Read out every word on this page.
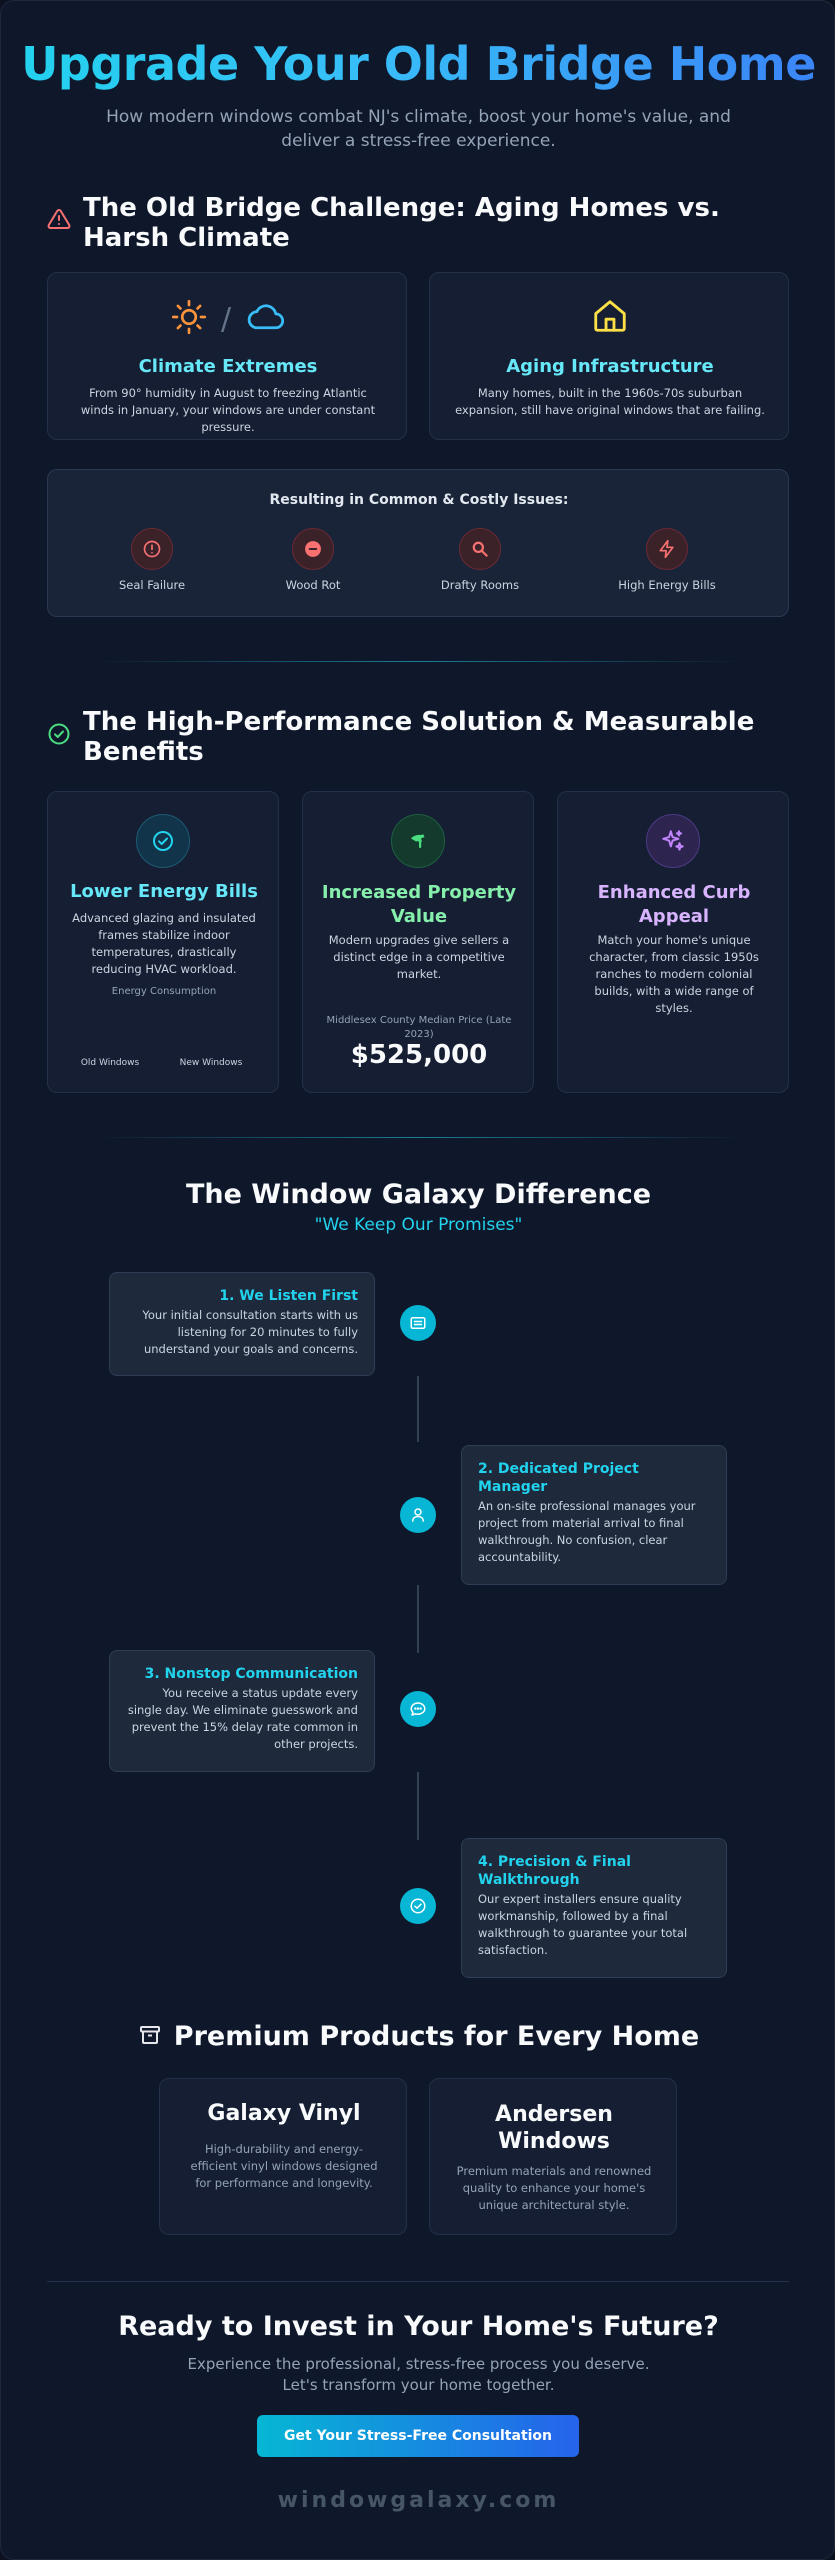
Upgrade Your Old Bridge Home
How modern windows combat NJ's climate, boost your home's value, and deliver a stress-free experience.
The Old Bridge Challenge: Aging Homes vs. Harsh Climate
/
Climate Extremes
From 90° humidity in August to freezing Atlantic winds in January, your windows are under constant pressure.
Aging Infrastructure
Many homes, built in the 1960s-70s suburban expansion, still have original windows that are failing.
Resulting in Common & Costly Issues:
Seal Failure	Wood Rot	Drafty Rooms	High Energy Bills
The High-Performance Solution & Measurable Benefits
Lower Energy Bills
Advanced glazing and insulated frames stabilize indoor temperatures, drastically reducing HVAC workload.
Energy Consumption
Old Windows	New Windows
Increased Property Value
Modern upgrades give sellers a distinct edge in a competitive market.
Middlesex County Median Price (Late 2023)
$525,000
Enhanced Curb Appeal
Match your home's unique character, from classic 1950s ranches to modern colonial builds, with a wide range of styles.
The Window Galaxy Difference
"We Keep Our Promises"
1. We Listen First
Your initial consultation starts with us listening for 20 minutes to fully understand your goals and concerns.
2. Dedicated Project Manager
An on-site professional manages your project from material arrival to final walkthrough. No confusion, clear accountability.
3. Nonstop Communication
You receive a status update every single day. We eliminate guesswork and prevent the 15% delay rate common in other projects.
4. Precision & Final Walkthrough
Our expert installers ensure quality workmanship, followed by a final walkthrough to guarantee your total satisfaction.
Premium Products for Every Home
Galaxy Vinyl
High-durability and energy-efficient vinyl windows designed for performance and longevity.
Andersen Windows
Premium materials and renowned quality to enhance your home's unique architectural style.
Ready to Invest in Your Home's Future?
Experience the professional, stress-free process you deserve. Let's transform your home together.
Get Your Stress-Free Consultation
windowgalaxy.com
